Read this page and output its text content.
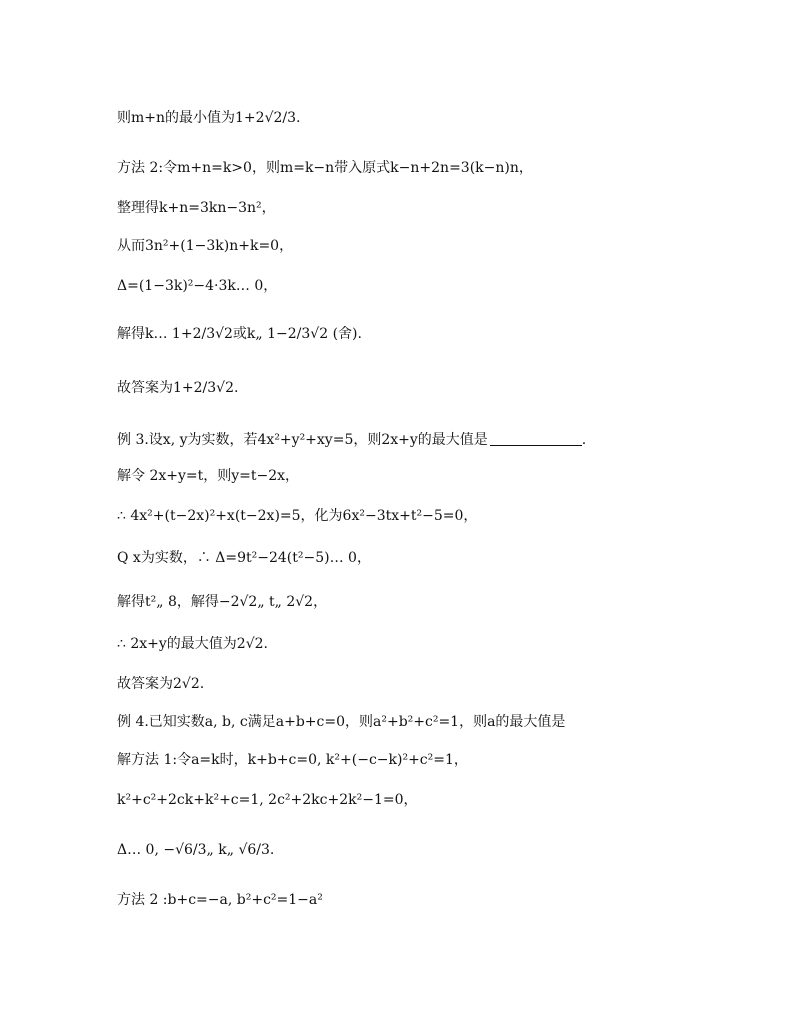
则m+n的最小值为1+2√2/3.
方法 2:令m+n=k>0，则m=k−n带入原式k−n+2n=3(k−n)n，
整理得k+n=3kn−3n²，
从而3n²+(1−3k)n+k=0，
Δ=(1−3k)²−4·3k… 0，
解得k… 1+2/3√2或k„ 1−2/3√2 (舍).
故答案为1+2/3√2.
例 3.设x, y为实数，若4x²+y²+xy=5，则2x+y的最大值是	.
解令 2x+y=t，则y=t−2x，
∴ 4x²+(t−2x)²+x(t−2x)=5，化为6x²−3tx+t²−5=0，
Q x为实数，∴ Δ=9t²−24(t²−5)… 0，
解得t²„ 8，解得−2√2„ t„ 2√2，
∴ 2x+y的最大值为2√2.
故答案为2√2.
例 4.已知实数a, b, c满足a+b+c=0，则a²+b²+c²=1，则a的最大值是
解方法 1:令a=k时，k+b+c=0, k²+(−c−k)²+c²=1，
k²+c²+2ck+k²+c=1, 2c²+2kc+2k²−1=0，
Δ… 0, −√6/3„ k„ √6/3.
方法 2 :b+c=−a, b²+c²=1−a²
